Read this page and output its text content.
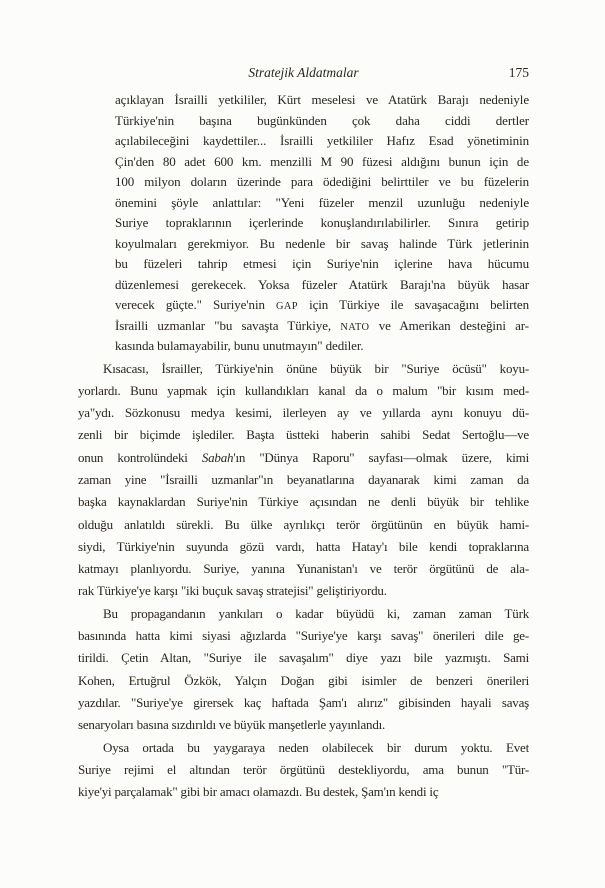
Stratejik Aldatmalar	175
açıklayan İsrailli yetkililer, Kürt meselesi ve Atatürk Barajı nedeniyle
Türkiye'nin başına bugünkünden çok daha ciddi dertler
açılabileceğini kaydettiler... İsrailli yetkililer Hafız Esad yönetiminin
Çin'den 80 adet 600 km. menzilli M 90 füzesi aldığını bunun için de
100 milyon doların üzerinde para ödediğini belirttiler ve bu füzelerin
önemini şöyle anlattılar: "Yeni füzeler menzil uzunluğu nedeniyle
Suriye topraklarının içerlerinde konuşlandırılabilirler. Sınıra getirip
koyulmaları gerekmiyor. Bu nedenle bir savaş halinde Türk jetlerinin
bu füzeleri tahrip etmesi için Suriye'nin içlerine hava hücumu
düzenlemesi gerekecek. Yoksa füzeler Atatürk Barajı'na büyük hasar
verecek güçte." Suriye'nin GAP için Türkiye ile savaşacağını belirten
İsrailli uzmanlar "bu savaşta Türkiye, NATO ve Amerikan desteğini ar-
kasında bulamayabilir, bunu unutmayın" dediler.
Kısacası, İsrailler, Türkiye'nin önüne büyük bir "Suriye öcüsü" koyu-
yorlardı. Bunu yapmak için kullandıkları kanal da o malum "bir kısım med-
ya"ydı. Sözkonusu medya kesimi, ilerleyen ay ve yıllarda aynı konuyu dü-
zenli bir biçimde işlediler. Başta üstteki haberin sahibi Sedat Sertoğlu—ve
onun kontrolündeki Sabah'ın "Dünya Raporu" sayfası—olmak üzere, kimi
zaman yine "İsrailli uzmanlar"ın beyanatlarına dayanarak kimi zaman da
başka kaynaklardan Suriye'nin Türkiye açısından ne denli büyük bir tehlike
olduğu anlatıldı sürekli. Bu ülke ayrılıkçı terör örgütünün en büyük hami-
siydi, Türkiye'nin suyunda gözü vardı, hatta Hatay'ı bile kendi topraklarına
katmayı planlıyordu. Suriye, yanına Yunanistan'ı ve terör örgütünü de ala-
rak Türkiye'ye karşı "iki buçuk savaş stratejisi" geliştiriyordu.
Bu propagandanın yankıları o kadar büyüdü ki, zaman zaman Türk
basınında hatta kimi siyasi ağızlarda "Suriye'ye karşı savaş" önerileri dile ge-
tirildi. Çetin Altan, "Suriye ile savaşalım" diye yazı bile yazmıştı. Sami
Kohen, Ertuğrul Özkök, Yalçın Doğan gibi isimler de benzeri önerileri
yazdılar. "Suriye'ye girersek kaç haftada Şam'ı alırız" gibisinden hayali savaş
senaryoları basına sızdırıldı ve büyük manşetlerle yayınlandı.
Oysa ortada bu yaygaraya neden olabilecek bir durum yoktu. Evet
Suriye rejimi el altından terör örgütünü destekliyordu, ama bunun "Tür-
kiye'yi parçalamak" gibi bir amacı olamazdı. Bu destek, Şam'ın kendi iç
